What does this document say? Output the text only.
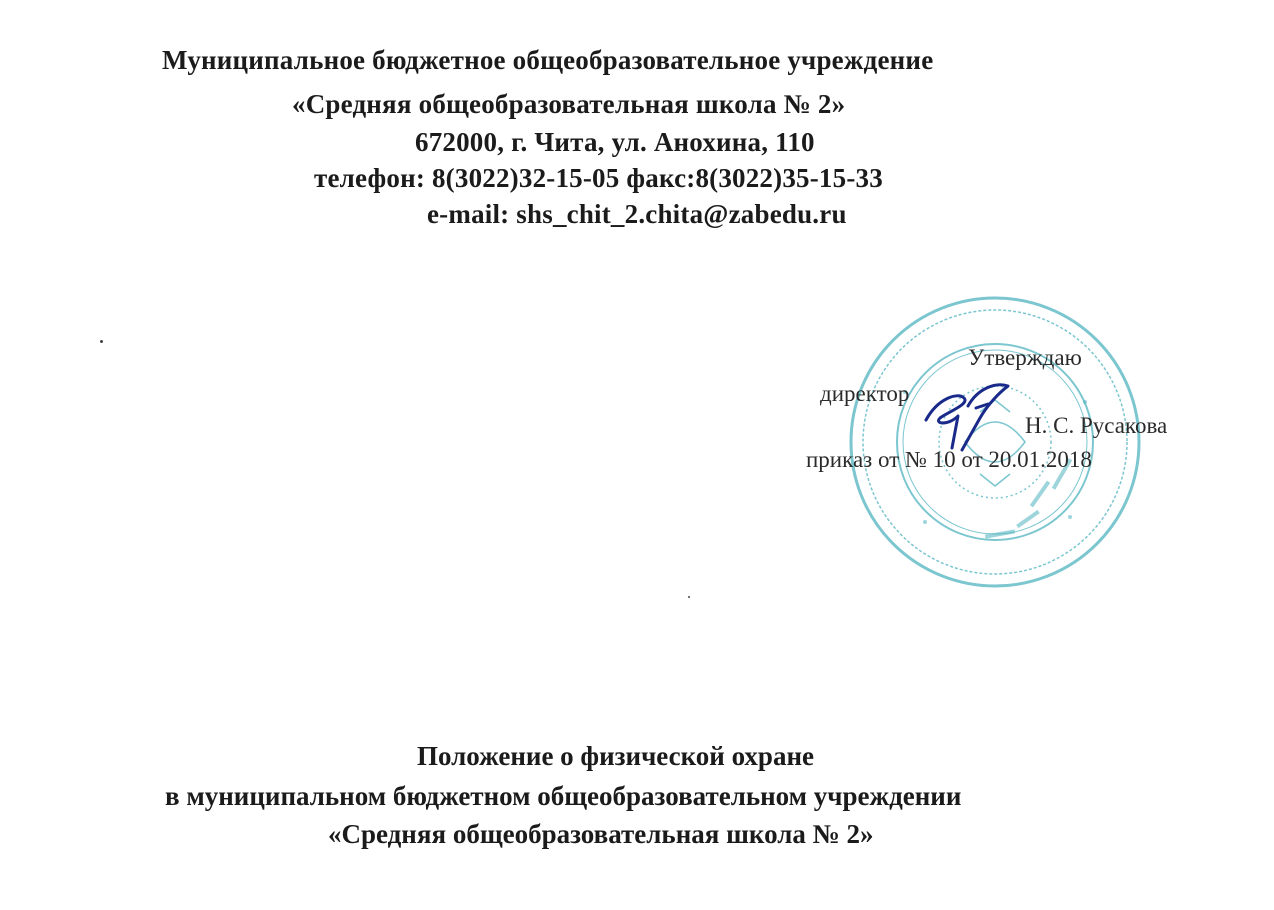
Муниципальное бюджетное общеобразовательное учреждение
«Средняя общеобразовательная школа № 2»
672000, г. Чита, ул. Анохина, 110
телефон: 8(3022)32-15-05 факс:8(3022)35-15-33
e-mail: shs_chit_2.chita@zabedu.ru
Утверждаю
директор
Н. С. Русакова
приказ от № 10 от 20.01.2018
Положение о физической охране
в муниципальном бюджетном общеобразовательном учреждении
«Средняя общеобразовательная школа № 2»
